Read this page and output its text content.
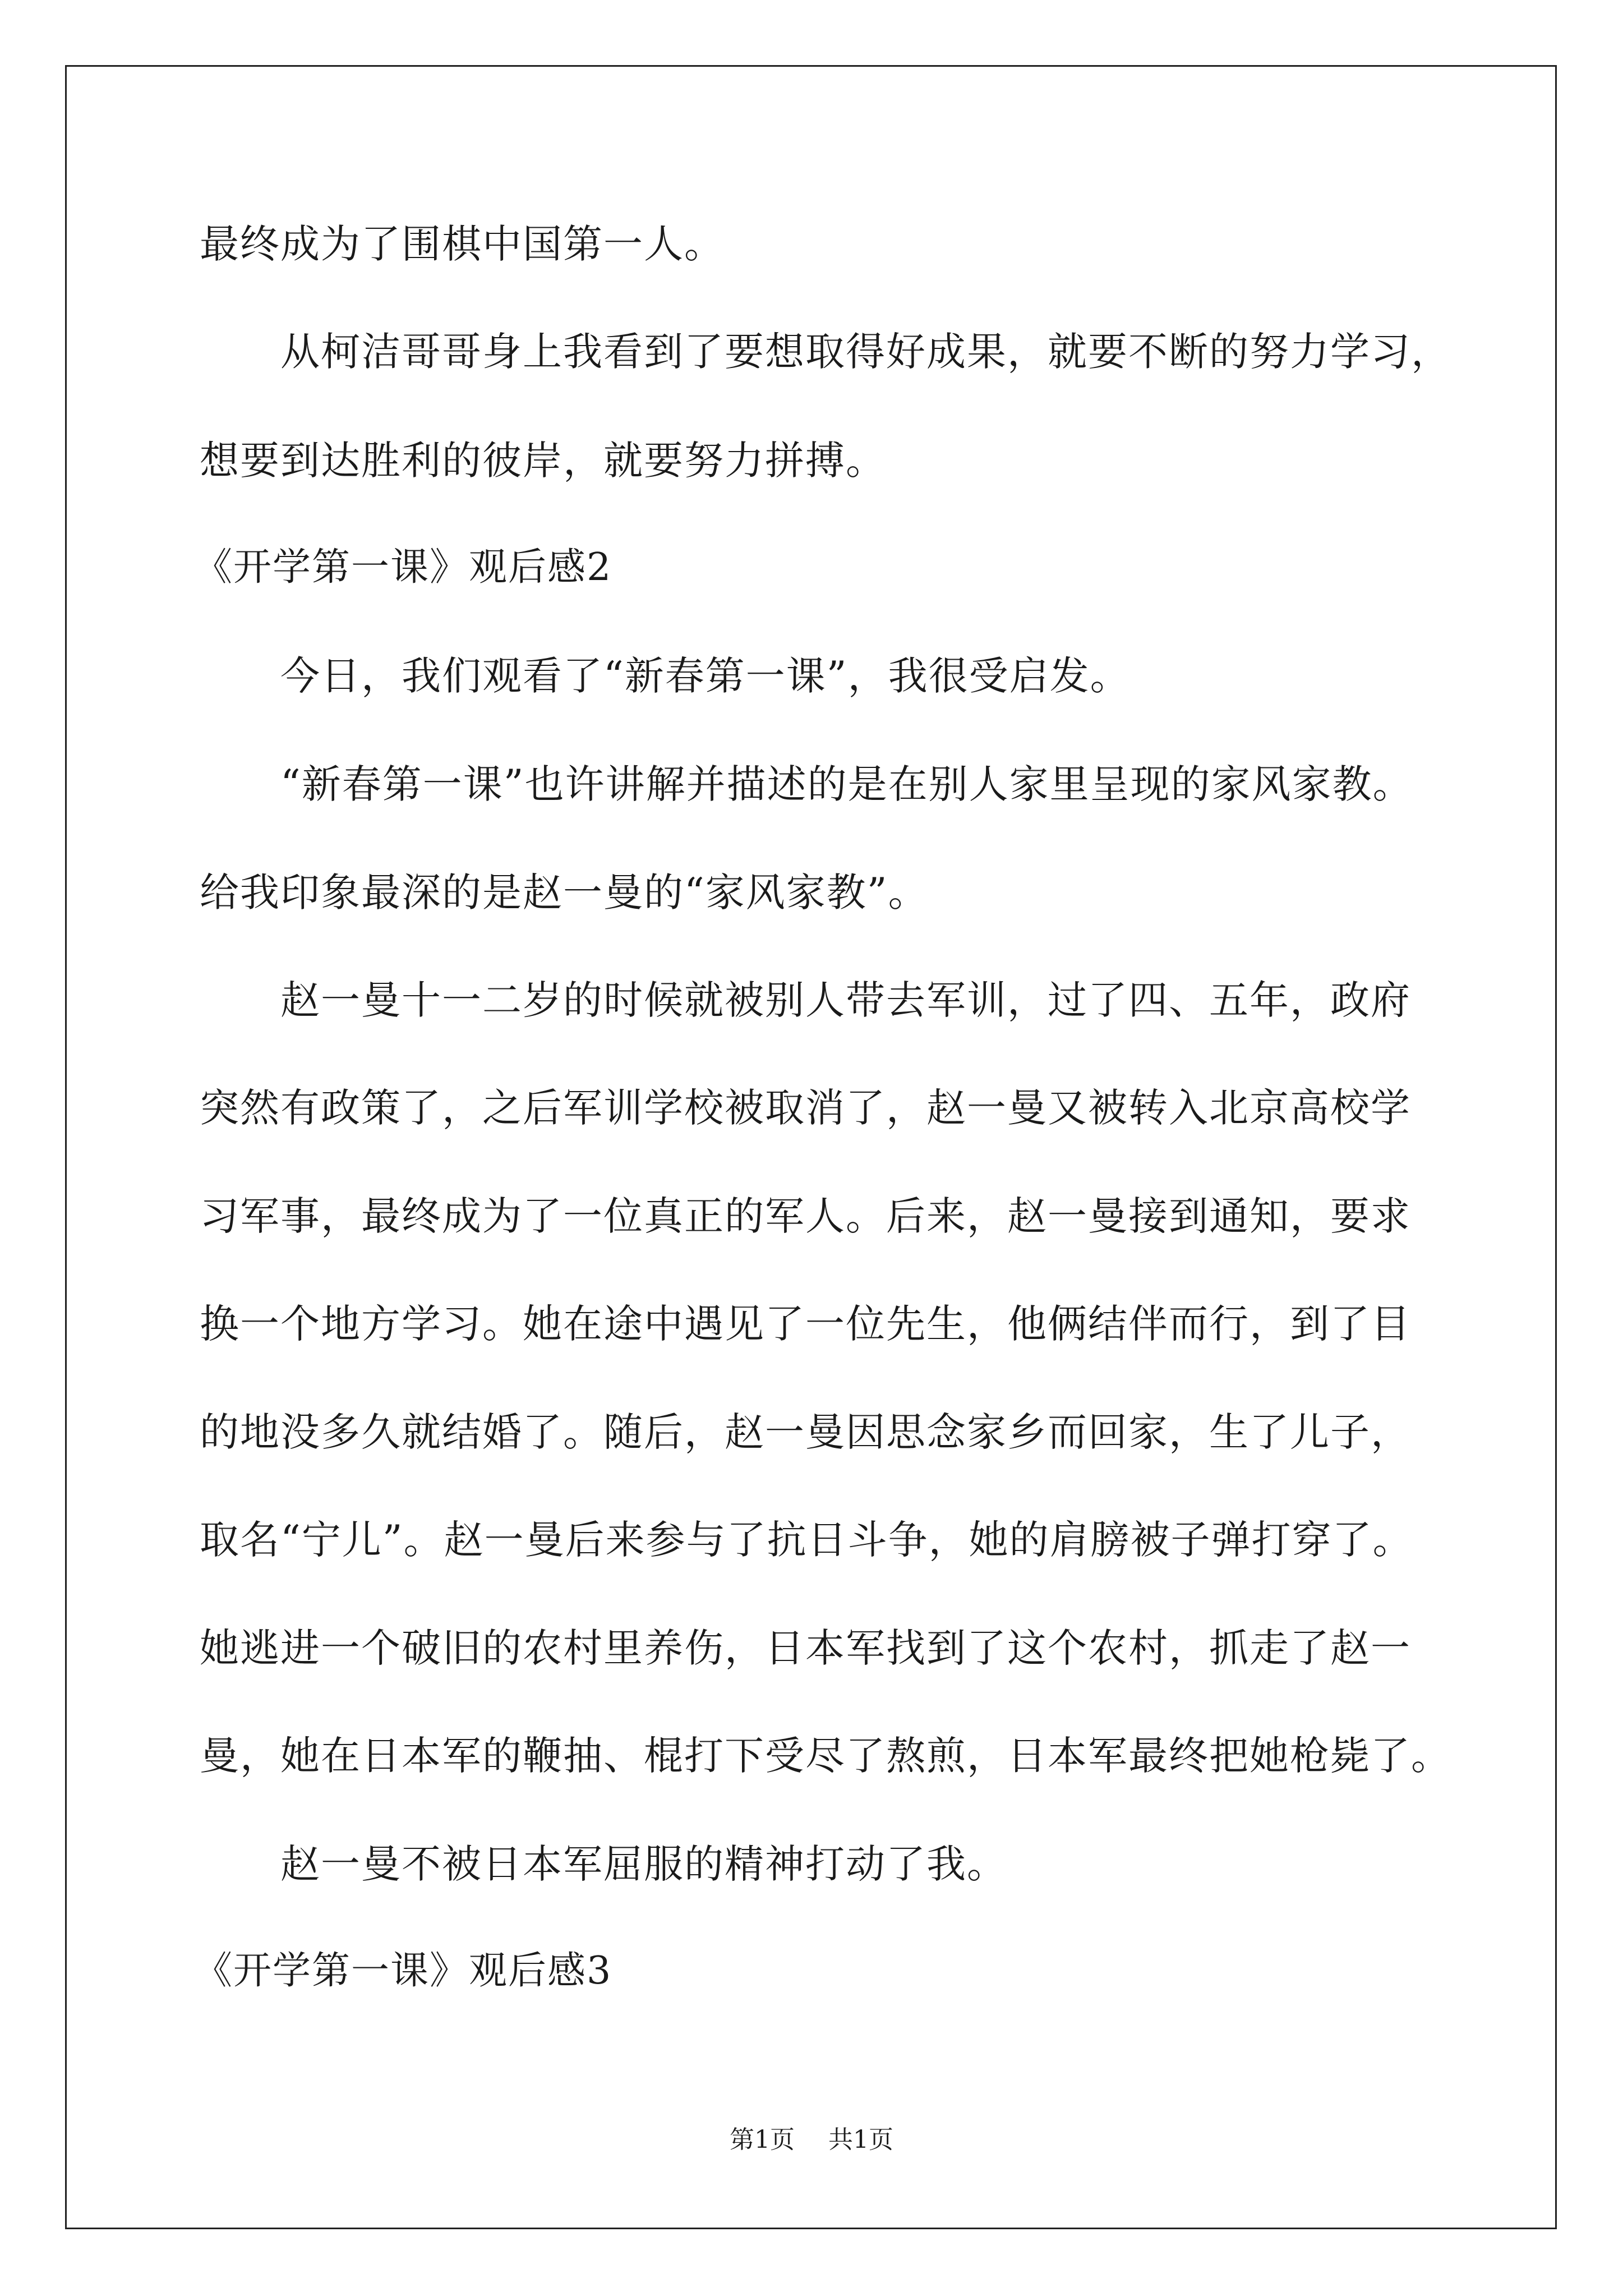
最终成为了围棋中国第一人。
从柯洁哥哥身上我看到了要想取得好成果，就要不断的努力学习，
想要到达胜利的彼岸，就要努力拼搏。
《开学第一课》观后感2
今日，我们观看了“新春第一课”，我很受启发。
“新春第一课”也许讲解并描述的是在别人家里呈现的家风家教。
给我印象最深的是赵一曼的“家风家教”。
赵一曼十一二岁的时候就被别人带去军训，过了四、五年，政府
突然有政策了，之后军训学校被取消了，赵一曼又被转入北京高校学
习军事，最终成为了一位真正的军人。后来，赵一曼接到通知，要求
换一个地方学习。她在途中遇见了一位先生，他俩结伴而行，到了目
的地没多久就结婚了。随后，赵一曼因思念家乡而回家，生了儿子，
取名“宁儿”。赵一曼后来参与了抗日斗争，她的肩膀被子弹打穿了。
她逃进一个破旧的农村里养伤，日本军找到了这个农村，抓走了赵一
曼，她在日本军的鞭抽、棍打下受尽了熬煎，日本军最终把她枪毙了。
赵一曼不被日本军屈服的精神打动了我。
《开学第一课》观后感3
第1页 共1页
